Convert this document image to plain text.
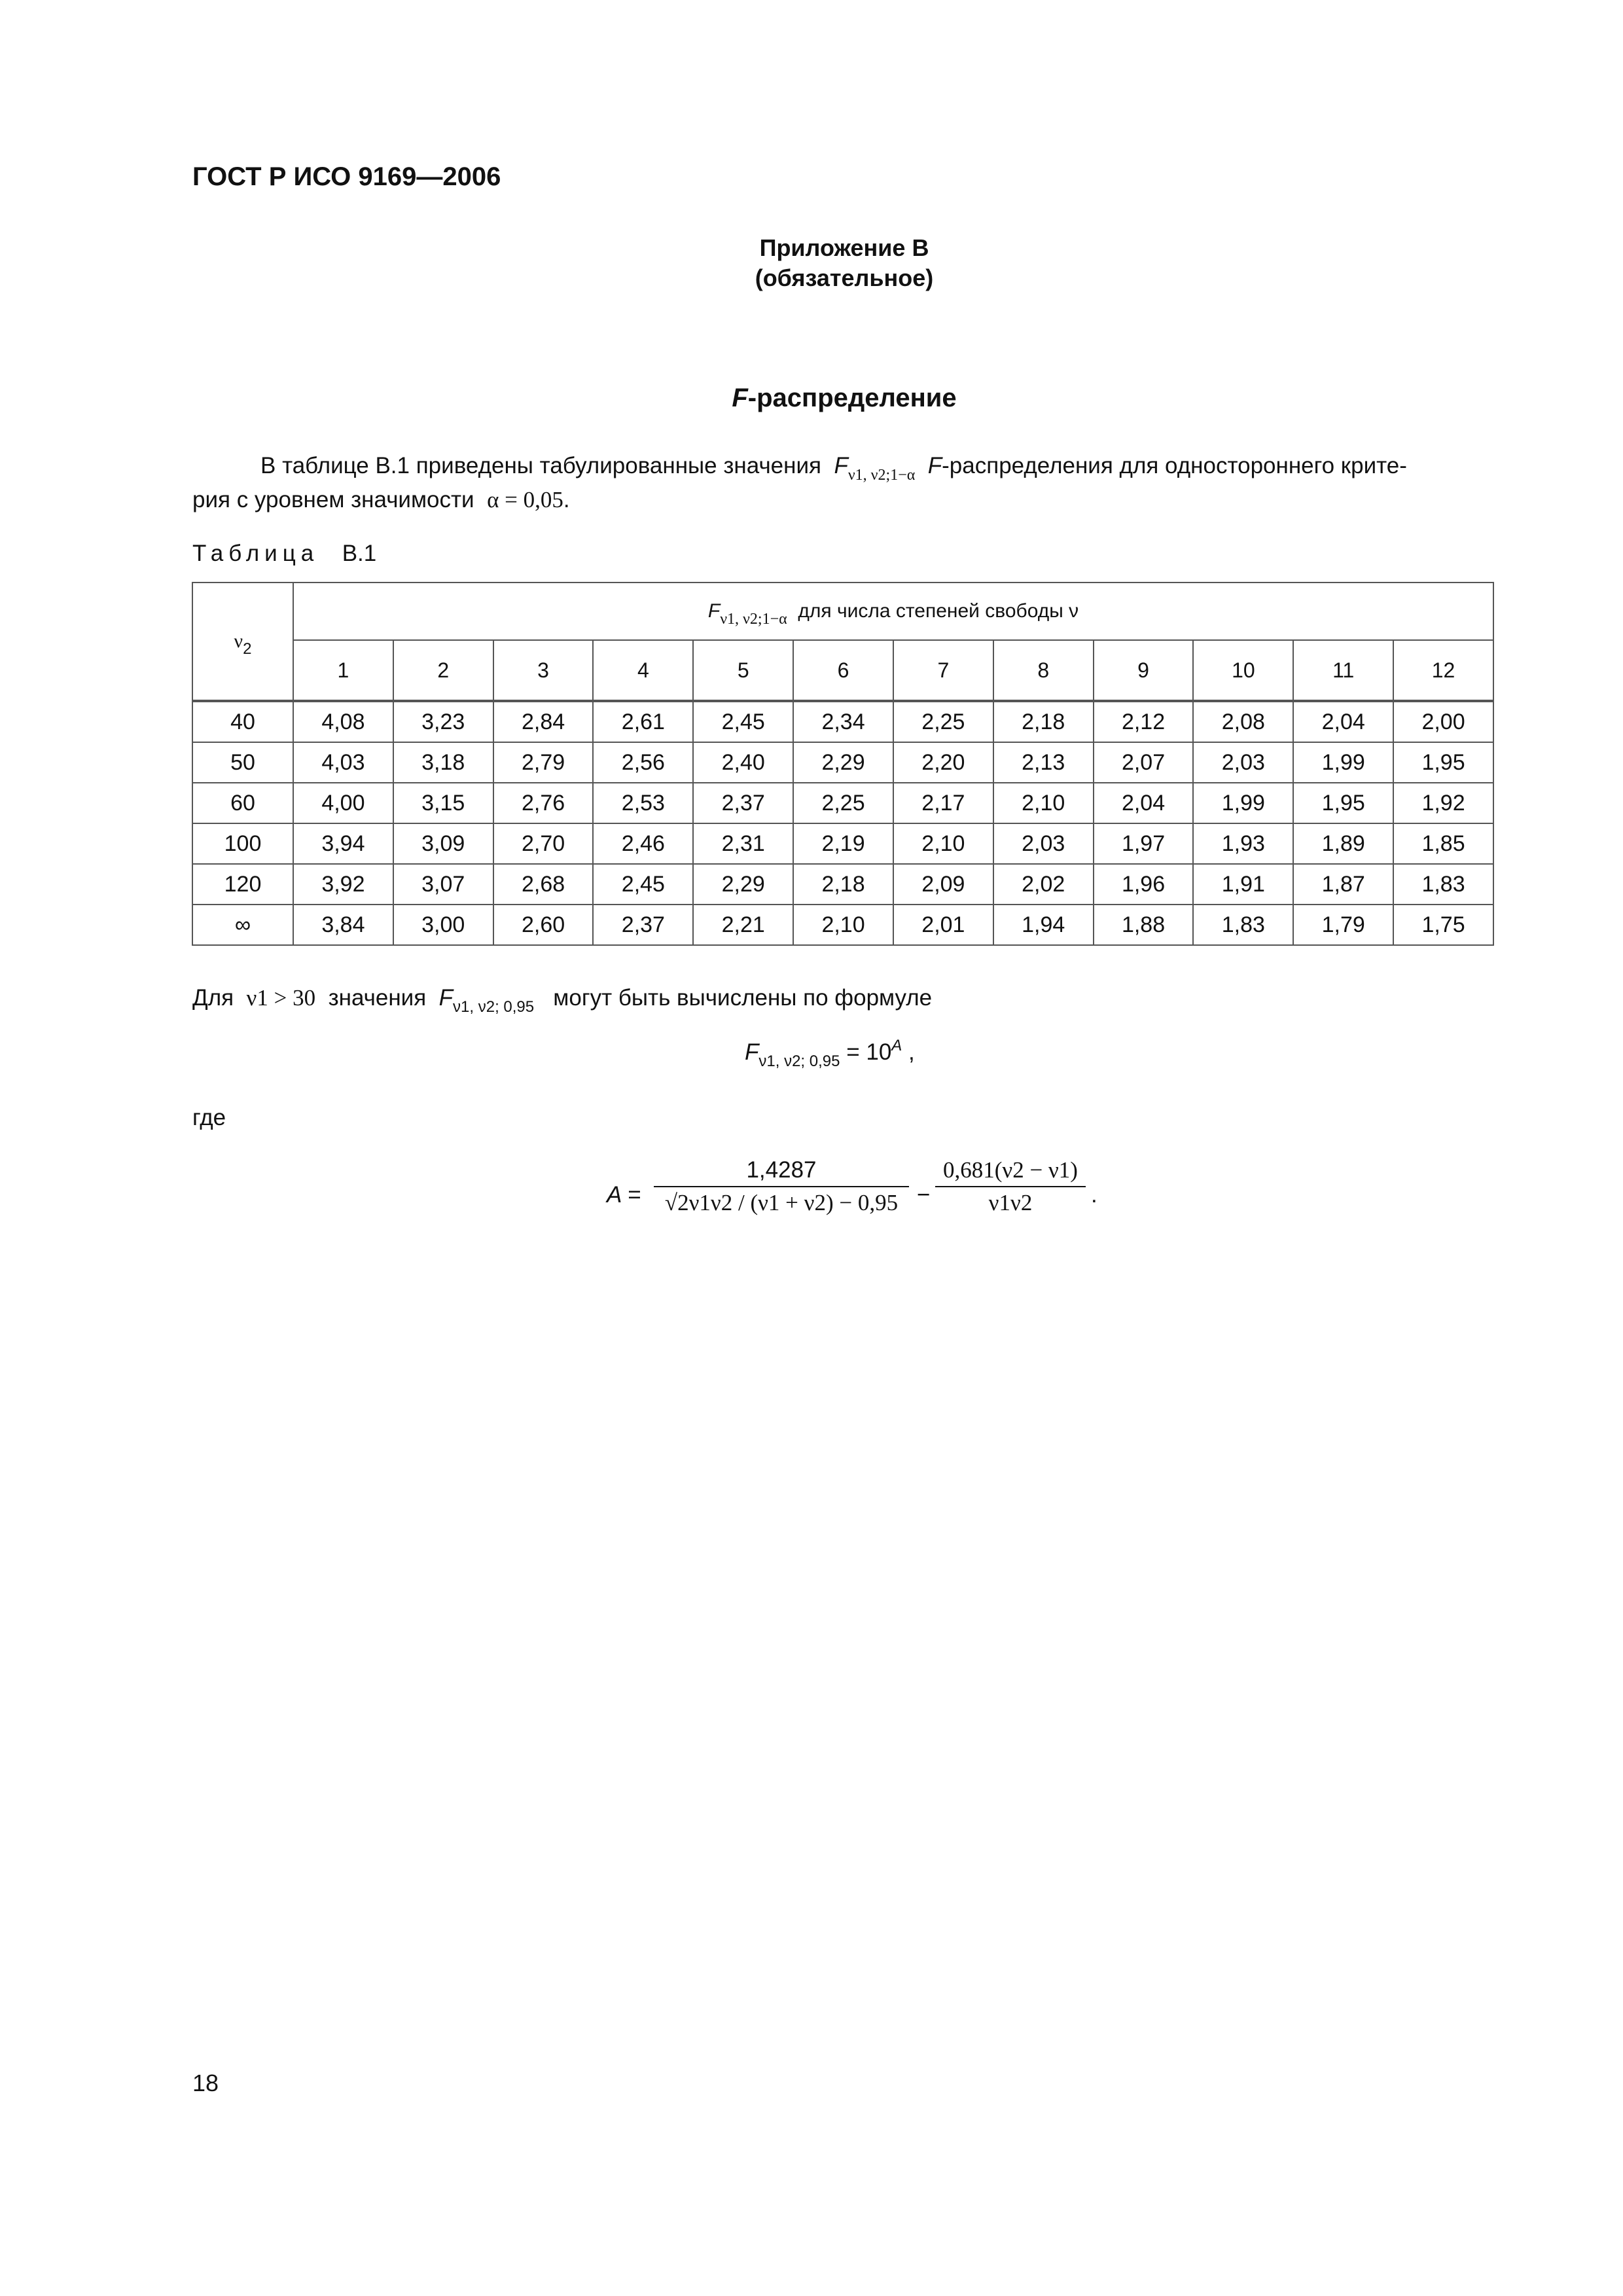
ГОСТ Р ИСО 9169—2006
Приложение В
(обязательное)
F-распределение
В таблице В.1 приведены табулированные значения $F_{\nu 1, \nu 2;1-\alpha}$ F-распределения для одностороннего крите-
рия с уровнем значимости α = 0,05.
Таблица В.1
$\nu_2$	$F_{\nu 1, \nu 2;1-\alpha}$ для числа степеней свободы ν											
	1	2	3	4	5	6	7	8	9	10	11	12

40	4,08	3,23	2,84	2,61	2,45	2,34	2,25	2,18	2,12	2,08	2,04	2,00
50	4,03	3,18	2,79	2,56	2,40	2,29	2,20	2,13	2,07	2,03	1,99	1,95
60	4,00	3,15	2,76	2,53	2,37	2,25	2,17	2,10	2,04	1,99	1,95	1,92
100	3,94	3,09	2,70	2,46	2,31	2,19	2,10	2,03	1,97	1,93	1,89	1,85
120	3,92	3,07	2,68	2,45	2,29	2,18	2,09	2,02	1,96	1,91	1,87	1,83
∞	3,84	3,00	2,60	2,37	2,21	2,10	2,01	1,94	1,88	1,83	1,79	1,75
Для ν1 > 30 значения $F_{\nu 1, \nu 2; 0,95}$ могут быть вычислены по формуле
$F_{\nu 1, \nu 2; 0,95} = 10^A$ ,
где
$A = \frac{1,4287}{√2\nu 1\nu 2 / (\nu 1 + \nu 2) - 0,95} - \frac{0,681(\nu 2 - \nu 1)}{\nu 1\nu 2}$ .
18
